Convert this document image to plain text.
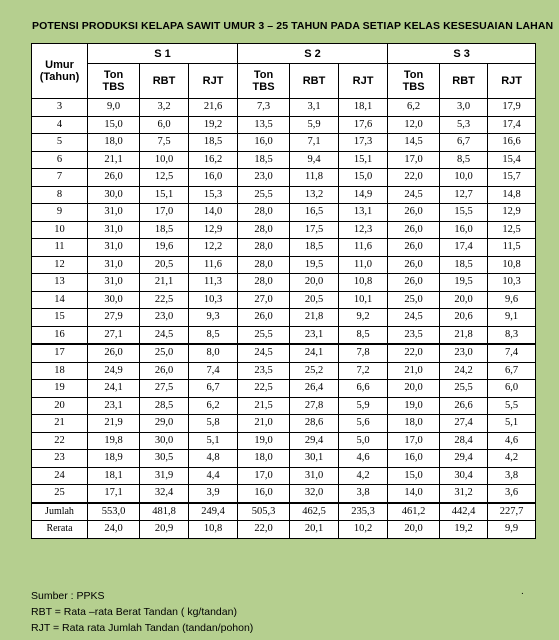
POTENSI PRODUKSI KELAPA SAWIT UMUR 3 – 25 TAHUN PADA SETIAP KELAS KESESUAIAN LAHAN
Umur
(Tahun)	S 1			S 2			S 3		
	Ton TBS	RBT	RJT	Ton TBS	RBT	RJT	Ton TBS	RBT	RJT
3	9,0	3,2	21,6	7,3	3,1	18,1	6,2	3,0	17,9
4	15,0	6,0	19,2	13,5	5,9	17,6	12,0	5,3	17,4
5	18,0	7,5	18,5	16,0	7,1	17,3	14,5	6,7	16,6
6	21,1	10,0	16,2	18,5	9,4	15,1	17,0	8,5	15,4
7	26,0	12,5	16,0	23,0	11,8	15,0	22,0	10,0	15,7
8	30,0	15,1	15,3	25,5	13,2	14,9	24,5	12,7	14,8
9	31,0	17,0	14,0	28,0	16,5	13,1	26,0	15,5	12,9
10	31,0	18,5	12,9	28,0	17,5	12,3	26,0	16,0	12,5
11	31,0	19,6	12,2	28,0	18,5	11,6	26,0	17,4	11,5
12	31,0	20,5	11,6	28,0	19,5	11,0	26,0	18,5	10,8
13	31,0	21,1	11,3	28,0	20,0	10,8	26,0	19,5	10,3
14	30,0	22,5	10,3	27,0	20,5	10,1	25,0	20,0	9,6
15	27,9	23,0	9,3	26,0	21,8	9,2	24,5	20,6	9,1
16	27,1	24,5	8,5	25,5	23,1	8,5	23,5	21,8	8,3
17	26,0	25,0	8,0	24,5	24,1	7,8	22,0	23,0	7,4
18	24,9	26,0	7,4	23,5	25,2	7,2	21,0	24,2	6,7
19	24,1	27,5	6,7	22,5	26,4	6,6	20,0	25,5	6,0
20	23,1	28,5	6,2	21,5	27,8	5,9	19,0	26,6	5,5
21	21,9	29,0	5,8	21,0	28,6	5,6	18,0	27,4	5,1
22	19,8	30,0	5,1	19,0	29,4	5,0	17,0	28,4	4,6
23	18,9	30,5	4,8	18,0	30,1	4,6	16,0	29,4	4,2
24	18,1	31,9	4,4	17,0	31,0	4,2	15,0	30,4	3,8
25	17,1	32,4	3,9	16,0	32,0	3,8	14,0	31,2	3,6
Jumlah	553,0	481,8	249,4	505,3	462,5	235,3	461,2	442,4	227,7
Rerata	24,0	20,9	10,8	22,0	20,1	10,2	20,0	19,2	9,9
Sumber : PPKS
RBT = Rata –rata Berat Tandan ( kg/tandan)
RJT = Rata rata Jumlah Tandan (tandan/pohon)
.
